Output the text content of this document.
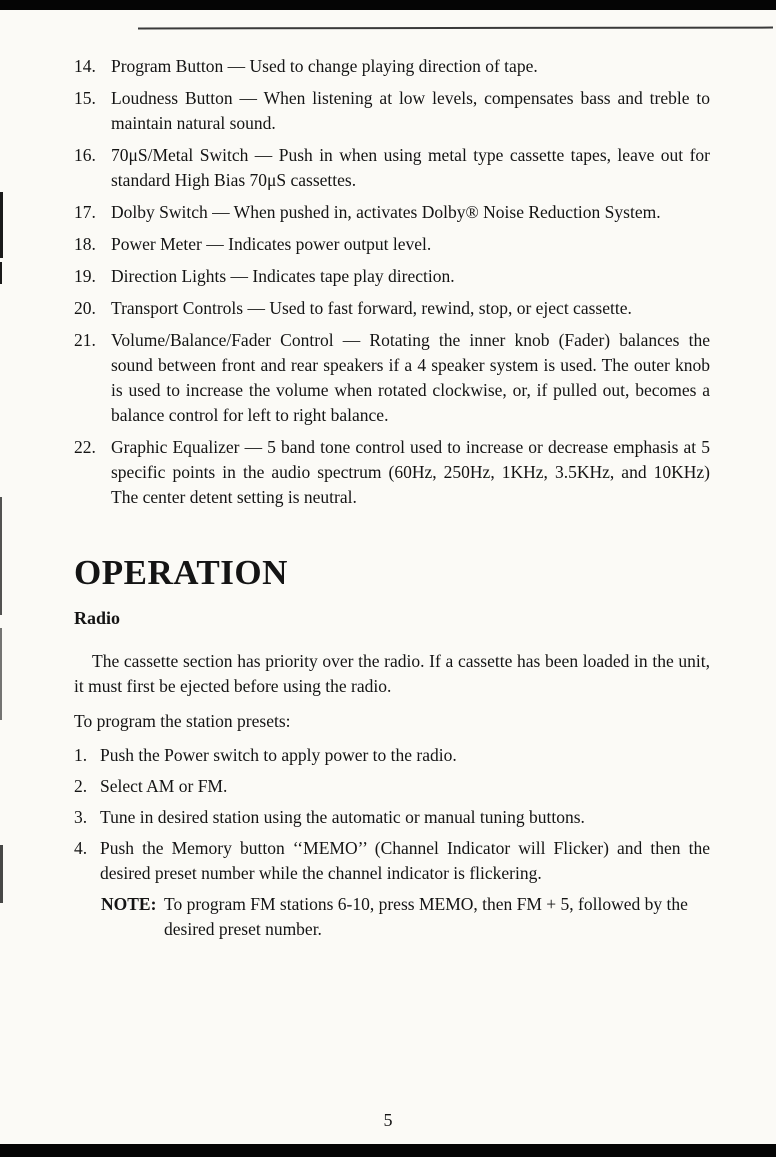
14. Program Button — Used to change playing direction of tape.
15. Loudness Button — When listening at low levels, compensates bass and treble to maintain natural sound.
16. 70μS/Metal Switch — Push in when using metal type cassette tapes, leave out for standard High Bias 70μS cassettes.
17. Dolby Switch — When pushed in, activates Dolby® Noise Reduction System.
18. Power Meter — Indicates power output level.
19. Direction Lights — Indicates tape play direction.
20. Transport Controls — Used to fast forward, rewind, stop, or eject cassette.
21. Volume/Balance/Fader Control — Rotating the inner knob (Fader) balances the sound between front and rear speakers if a 4 speaker system is used. The outer knob is used to increase the volume when rotated clockwise, or, if pulled out, becomes a balance control for left to right balance.
22. Graphic Equalizer — 5 band tone control used to increase or decrease emphasis at 5 specific points in the audio spectrum (60Hz, 250Hz, 1KHz, 3.5KHz, and 10KHz) The center detent setting is neutral.
OPERATION
Radio

The cassette section has priority over the radio. If a cassette has been loaded in the unit, it must first be ejected before using the radio.

To program the station presets:

1. Push the Power switch to apply power to the radio.
2. Select AM or FM.
3. Tune in desired station using the automatic or manual tuning buttons.
4. Push the Memory button ‘‘MEMO’’ (Channel Indicator will Flicker) and then the desired preset number while the channel indicator is flickering.
NOTE: To program FM stations 6-10, press MEMO, then FM + 5, followed by the desired preset number.
5
